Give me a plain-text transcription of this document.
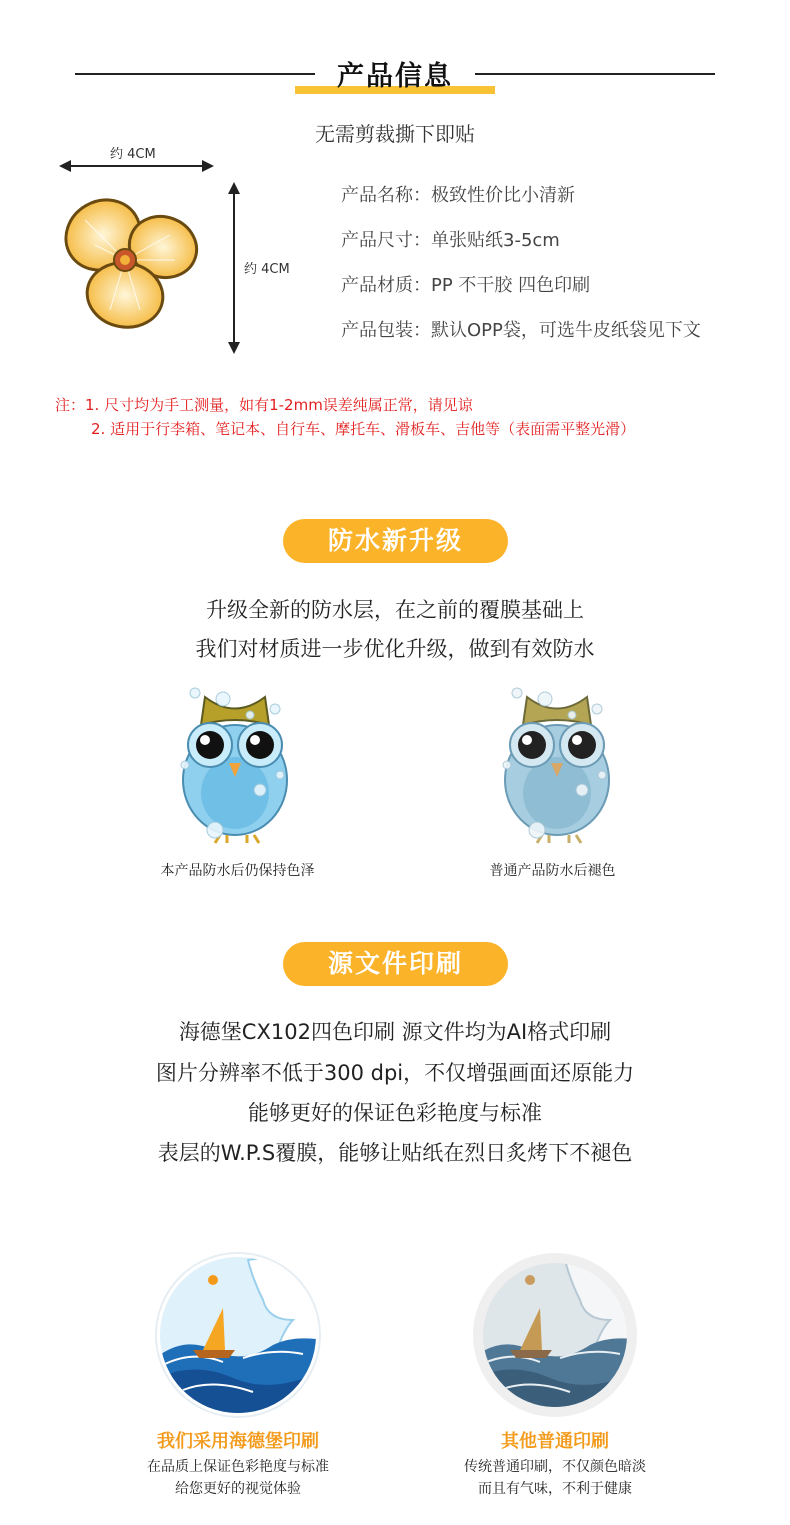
产品信息
无需剪裁撕下即贴
约 4CM
约 4CM
产品名称：极致性价比小清新
产品尺寸：单张贴纸3-5cm
产品材质：PP 不干胶 四色印刷
产品包装：默认OPP袋，可选牛皮纸袋见下文
注：1. 尺寸均为手工测量，如有1-2mm误差纯属正常，请见谅
2. 适用于行李箱、笔记本、自行车、摩托车、滑板车、吉他等（表面需平整光滑）
防水新升级
升级全新的防水层，在之前的覆膜基础上
我们对材质进一步优化升级，做到有效防水
本产品防水后仍保持色泽	普通产品防水后褪色
源文件印刷
海德堡CX102四色印刷 源文件均为AI格式印刷
图片分辨率不低于300 dpi，不仅增强画面还原能力
能够更好的保证色彩艳度与标准
表层的W.P.S覆膜，能够让贴纸在烈日炙烤下不褪色
我们采用海德堡印刷
在品质上保证色彩艳度与标准
给您更好的视觉体验
其他普通印刷
传统普通印刷，不仅颜色暗淡
而且有气味，不利于健康
